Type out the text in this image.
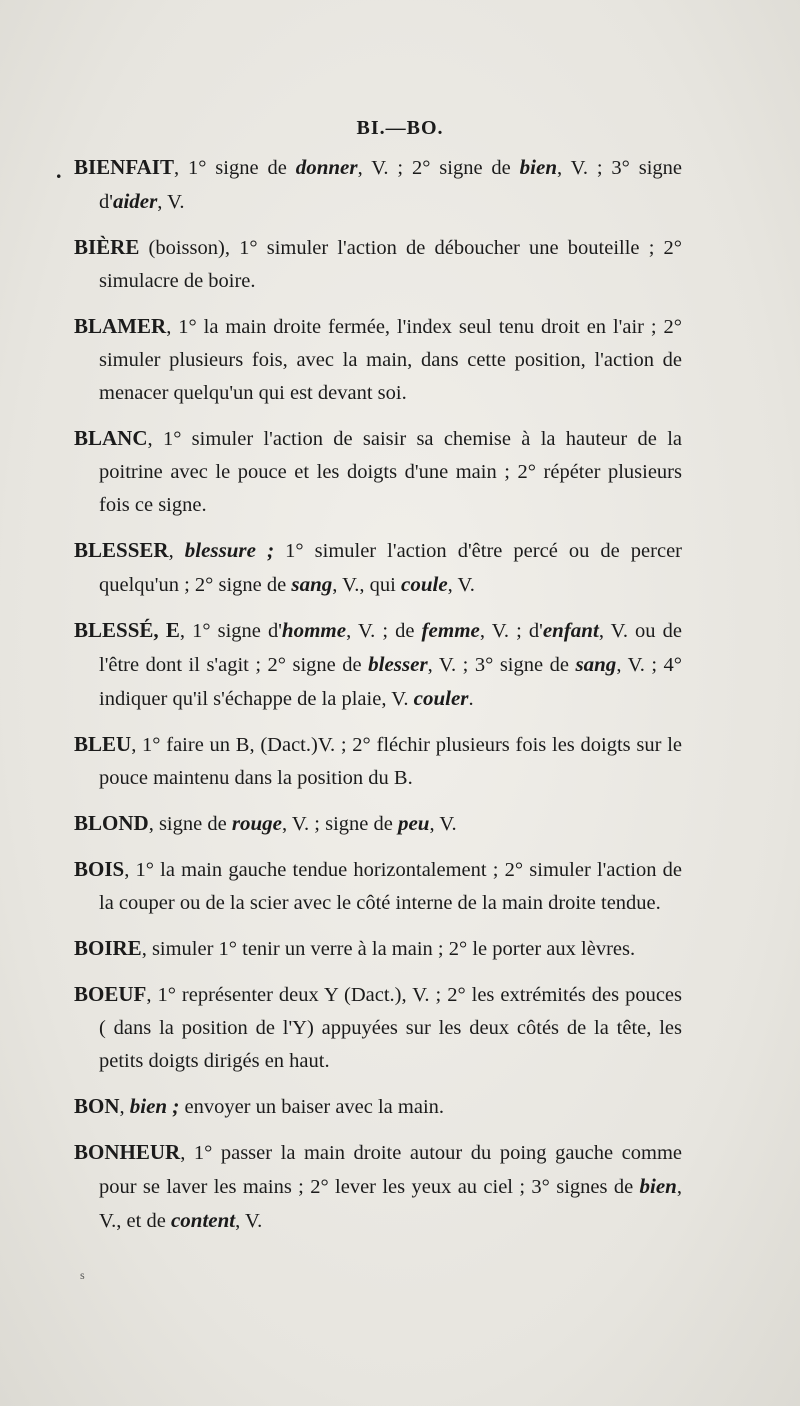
BI.—BO.
. BIENFAIT, 1° signe de donner, V. ; 2° signe de bien, V. ; 3° signe d'aider, V.

BIÈRE (boisson), 1° simuler l'action de déboucher une bouteille ; 2° simulacre de boire.

BLAMER, 1° la main droite fermée, l'index seul tenu droit en l'air ; 2° simuler plusieurs fois, avec la main, dans cette position, l'action de menacer quelqu'un qui est devant soi.

BLANC, 1° simuler l'action de saisir sa chemise à la hauteur de la poitrine avec le pouce et les doigts d'une main ; 2° répéter plusieurs fois ce signe.

BLESSER, blessure ; 1° simuler l'action d'être percé ou de percer quelqu'un ; 2° signe de sang, V., qui coule, V.

BLESSÉ, E, 1° signe d'homme, V. ; de femme, V. ; d'enfant, V. ou de l'être dont il s'agit ; 2° signe de blesser, V. ; 3° signe de sang, V. ; 4° indiquer qu'il s'échappe de la plaie, V. couler.

BLEU, 1° faire un B, (Dact.)V. ; 2° fléchir plusieurs fois les doigts sur le pouce maintenu dans la position du B.

BLOND, signe de rouge, V. ; signe de peu, V.

BOIS, 1° la main gauche tendue horizontalement ; 2° simuler l'action de la couper ou de la scier avec le côté interne de la main droite tendue.

BOIRE, simuler 1° tenir un verre à la main ; 2° le porter aux lèvres.

BOEUF, 1° représenter deux Y (Dact.), V. ; 2° les extrémités des pouces ( dans la position de l'Y) appuyées sur les deux côtés de la tête, les petits doigts dirigés en haut.

BON, bien ; envoyer un baiser avec la main.

BONHEUR, 1° passer la main droite autour du poing gauche comme pour se laver les mains ; 2° lever les yeux au ciel ; 3° signes de bien, V., et de content, V.

s
